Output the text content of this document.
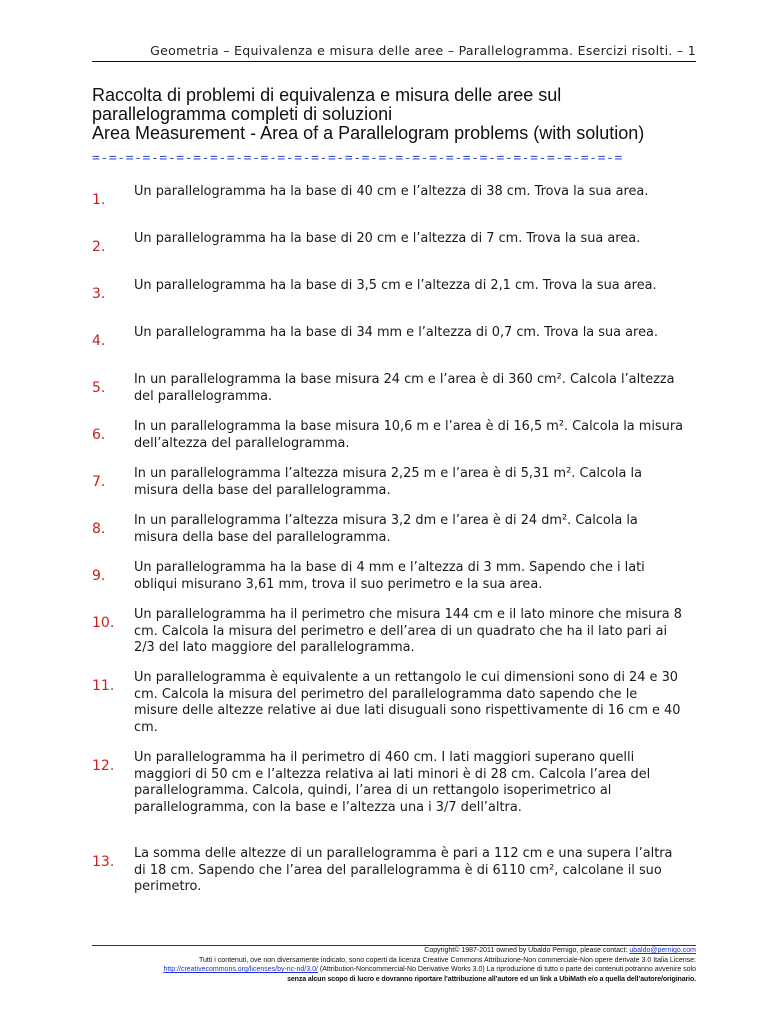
Geometria – Equivalenza e misura delle aree – Parallelogramma. Esercizi risolti. – 1
Raccolta di problemi di equivalenza e misura delle aree sul
parallelogramma completi di soluzioni
Area Measurement - Area of a Parallelogram problems (with solution)
=-=-=-=-=-=-=-=-=-=-=-=-=-=-=-=-=-=-=-=-=-=-=-=-=-=-=-=-=-=-=-=
1.
Un parallelogramma ha la base di 40 cm e l’altezza di 38 cm. Trova la sua area.
2.
Un parallelogramma ha la base di 20 cm e l’altezza di 7 cm. Trova la sua area.
3.
Un parallelogramma ha la base di 3,5 cm e l’altezza di 2,1 cm. Trova la sua area.
4.
Un parallelogramma ha la base di 34 mm e l’altezza di 0,7 cm. Trova la sua area.
5.
In un parallelogramma la base misura 24 cm e l’area è di 360 cm². Calcola l’altezza del parallelogramma.
6.
In un parallelogramma la base misura 10,6 m e l’area è di 16,5 m². Calcola la misura dell’altezza del parallelogramma.
7.
In un parallelogramma l’altezza misura 2,25 m e l’area è di 5,31 m². Calcola la misura della base del parallelogramma.
8.
In un parallelogramma l’altezza misura 3,2 dm e l’area è di 24 dm². Calcola la misura della base del parallelogramma.
9.
Un parallelogramma ha la base di 4 mm e l’altezza di 3 mm. Sapendo che i lati obliqui misurano 3,61 mm, trova il suo perimetro e la sua area.
10.
Un parallelogramma ha il perimetro che misura 144 cm e il lato minore che misura 8 cm. Calcola la misura del perimetro e dell’area di un quadrato che ha il lato pari ai 2/3 del lato maggiore del parallelogramma.
11.
Un parallelogramma è equivalente a un rettangolo le cui dimensioni sono di 24 e 30 cm. Calcola la misura del perimetro del parallelogramma dato sapendo che le misure delle altezze relative ai due lati disuguali sono rispettivamente di 16 cm e 40 cm.
12.
Un parallelogramma ha il perimetro di 460 cm. I lati maggiori superano quelli maggiori di 50 cm e l’altezza relativa ai lati minori è di 28 cm. Calcola l’area del parallelogramma. Calcola, quindi, l’area di un rettangolo isoperimetrico al parallelogramma, con la base e l’altezza una i 3/7 dell’altra.
13.
La somma delle altezze di un parallelogramma è pari a 112 cm e una supera l’altra di 18 cm. Sapendo che l’area del parallelogramma è di 6110 cm², calcolane il suo perimetro.
Copyright© 1987-2011 owned by Ubaldo Pernigo, please contact: ubaldo@pernigo.com
Tutti i contenuti, ove non diversamente indicato, sono coperti da licenza Creative Commons Attribuzione-Non commerciale-Non opere derivate 3.0 Italia License:
http://creativecommons.org/licenses/by-nc-nd/3.0/ (Attribution-Noncommercial-No Derivative Works 3.0) La riproduzione di tutto o parte dei contenuti potranno avvenire solo
senza alcun scopo di lucro e dovranno riportare l’attribuzione all’autore ed un link a UbiMath e/o a quella dell’autore/originario.
